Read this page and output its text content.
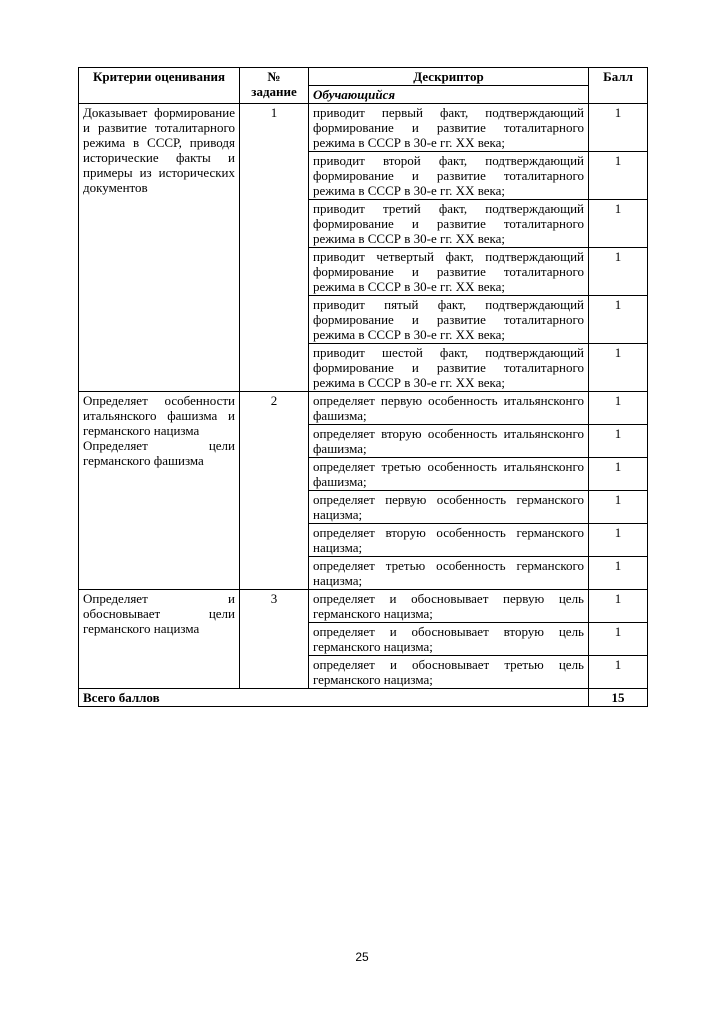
Критерии оценивания	№ задание	Дескриптор	Балл
		Обучающийся	
Доказывает формирование и развитие тоталитарного режима в СССР, приводя исторические факты и примеры из исторических документов	1	приводит первый факт, подтверждающий формирование и развитие тоталитарного режима в СССР в 30-е гг. XX века;	1
		приводит второй факт, подтверждающий формирование и развитие тоталитарного режима в СССР в 30-е гг. XX века;	1
		приводит третий факт, подтверждающий формирование и развитие тоталитарного режима в СССР в 30-е гг. XX века;	1
		приводит четвертый факт, подтверждающий формирование и развитие тоталитарного режима в СССР в 30-е гг. XX века;	1
		приводит пятый факт, подтверждающий формирование и развитие тоталитарного режима в СССР в 30-е гг. XX века;	1
		приводит шестой факт, подтверждающий формирование и развитие тоталитарного режима в СССР в 30-е гг. XX века;	1
Определяет особенности итальянского фашизма и германского нацизма
Определяет цели германского фашизма	2	определяет первую особенность итальянсконго фашизма;	1
		определяет вторую особенность итальянсконго фашизма;	1
		определяет третью особенность итальянсконго фашизма;	1
		определяет первую особенность германского нацизма;	1
		определяет вторую особенность германского нацизма;	1
		определяет третью особенность германского нацизма;	1
Определяет и обосновывает цели германского нацизма	3	определяет и обосновывает первую цель германского нацизма;	1
		определяет и обосновывает вторую цель германского нацизма;	1
		определяет и обосновывает третью цель германского нацизма;	1
Всего баллов			15
25
